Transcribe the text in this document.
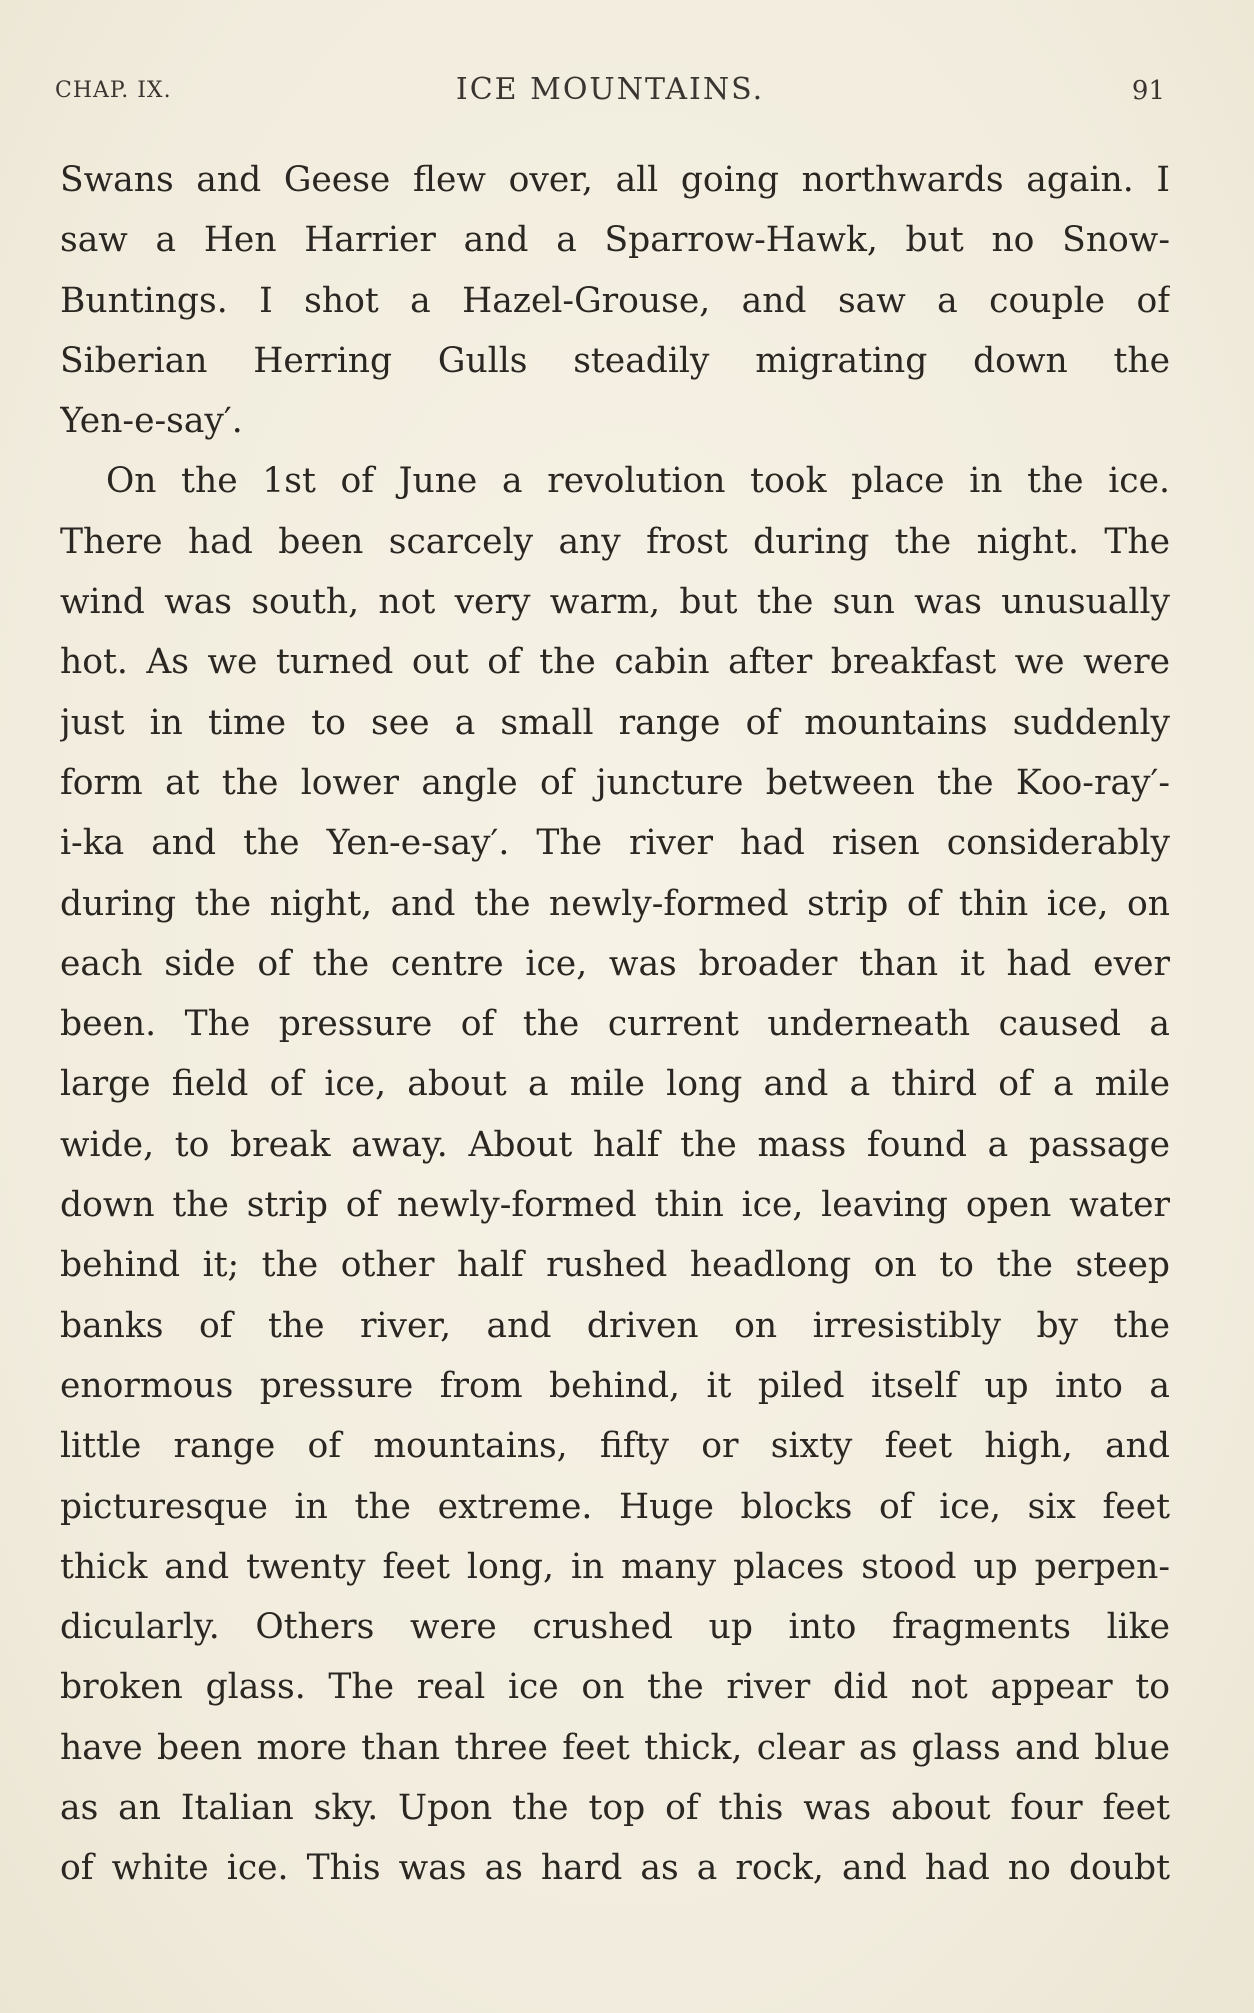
CHAP. IX.	ICE MOUNTAINS.	91
Swans and Geese flew over, all going northwards again. I
saw a Hen Harrier and a Sparrow-Hawk, but no Snow-
Buntings. I shot a Hazel-Grouse, and saw a couple of
Siberian Herring Gulls steadily migrating down the
Yen-e-say′.
On the 1st of June a revolution took place in the ice.
There had been scarcely any frost during the night. The
wind was south, not very warm, but the sun was unusually
hot. As we turned out of the cabin after breakfast we were
just in time to see a small range of mountains suddenly
form at the lower angle of juncture between the Koo-ray′-
i-ka and the Yen-e-say′. The river had risen considerably
during the night, and the newly-formed strip of thin ice, on
each side of the centre ice, was broader than it had ever
been. The pressure of the current underneath caused a
large field of ice, about a mile long and a third of a mile
wide, to break away. About half the mass found a passage
down the strip of newly-formed thin ice, leaving open water
behind it; the other half rushed headlong on to the steep
banks of the river, and driven on irresistibly by the
enormous pressure from behind, it piled itself up into a
little range of mountains, fifty or sixty feet high, and
picturesque in the extreme. Huge blocks of ice, six feet
thick and twenty feet long, in many places stood up perpen-
dicularly. Others were crushed up into fragments like
broken glass. The real ice on the river did not appear to
have been more than three feet thick, clear as glass and blue
as an Italian sky. Upon the top of this was about four feet
of white ice. This was as hard as a rock, and had no doubt
